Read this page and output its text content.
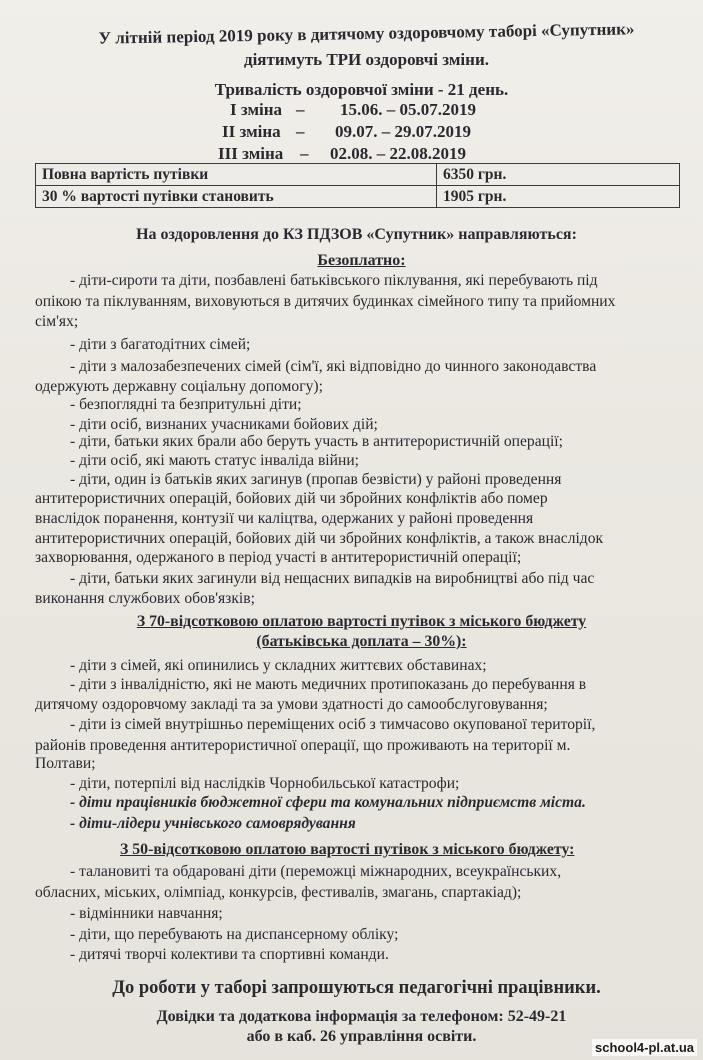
У літній період 2019 року в дитячому оздоровчому таборі «Супутник»

діятимуть ТРИ оздоровчі зміни.

Тривалість оздоровчої зміни - 21 день.

І зміна – 15.06. – 05.07.2019

ІІ зміна – 09.07. – 29.07.2019

ІІІ зміна – 02.08. – 22.08.2019

Повна вартість путівки	6350 грн.
30 % вартості путівки становить	1905 грн.

На оздоровлення до КЗ ПДЗОВ «Супутник» направляються:

Безоплатно:

- діти-сироти та діти, позбавлені батьківського піклування, які перебувають під

опікою та піклуванням, виховуються в дитячих будинках сімейного типу та прийомних

сім'ях;

- діти з багатодітних сімей;

- діти з малозабезпечених сімей (сім'ї, які відповідно до чинного законодавства

одержують державну соціальну допомогу);

- безпоглядні та безпритульні діти;

- діти осіб, визнаних учасниками бойових дій;

- діти, батьки яких брали або беруть участь в антитерористичній операції;

- діти осіб, які мають статус інваліда війни;

- діти, один із батьків яких загинув (пропав безвісти) у районі проведення

антитерористичних операцій, бойових дій чи збройних конфліктів або помер

внаслідок поранення, контузії чи каліцтва, одержаних у районі проведення

антитерористичних операцій, бойових дій чи збройних конфліктів, а також внаслідок

захворювання, одержаного в період участі в антитерористичній операції;

- діти, батьки яких загинули від нещасних випадків на виробництві або під час

виконання службових обов'язків;

З 70-відсотковою оплатою вартості путівок з міського бюджету

(батьківська доплата – 30%):

- діти з сімей, які опинились у складних життєвих обставинах;

- діти з інвалідністю, які не мають медичних протипоказань до перебування в

дитячому оздоровчому закладі та за умови здатності до самообслуговування;

- діти із сімей внутрішньо переміщених осіб з тимчасово окупованої території,

районів проведення антитерористичної операції, що проживають на території м.

Полтави;

- діти, потерпілі від наслідків Чорнобильської катастрофи;

- діти працівників бюджетної сфери та комунальних підприємств міста.

- діти-лідери учнівського самоврядування

З 50-відсотковою оплатою вартості путівок з міського бюджету:

- талановиті та обдаровані діти (переможці міжнародних, всеукраїнських,

обласних, міських, олімпіад, конкурсів, фестивалів, змагань, спартакіад);

- відмінники навчання;

- діти, що перебувають на диспансерному обліку;

- дитячі творчі колективи та спортивні команди.

До роботи у таборі запрошуються педагогічні працівники.

Довідки та додаткова інформація за телефоном: 52-49-21

або в каб. 26 управління освіти.

school4-pl.at.ua
